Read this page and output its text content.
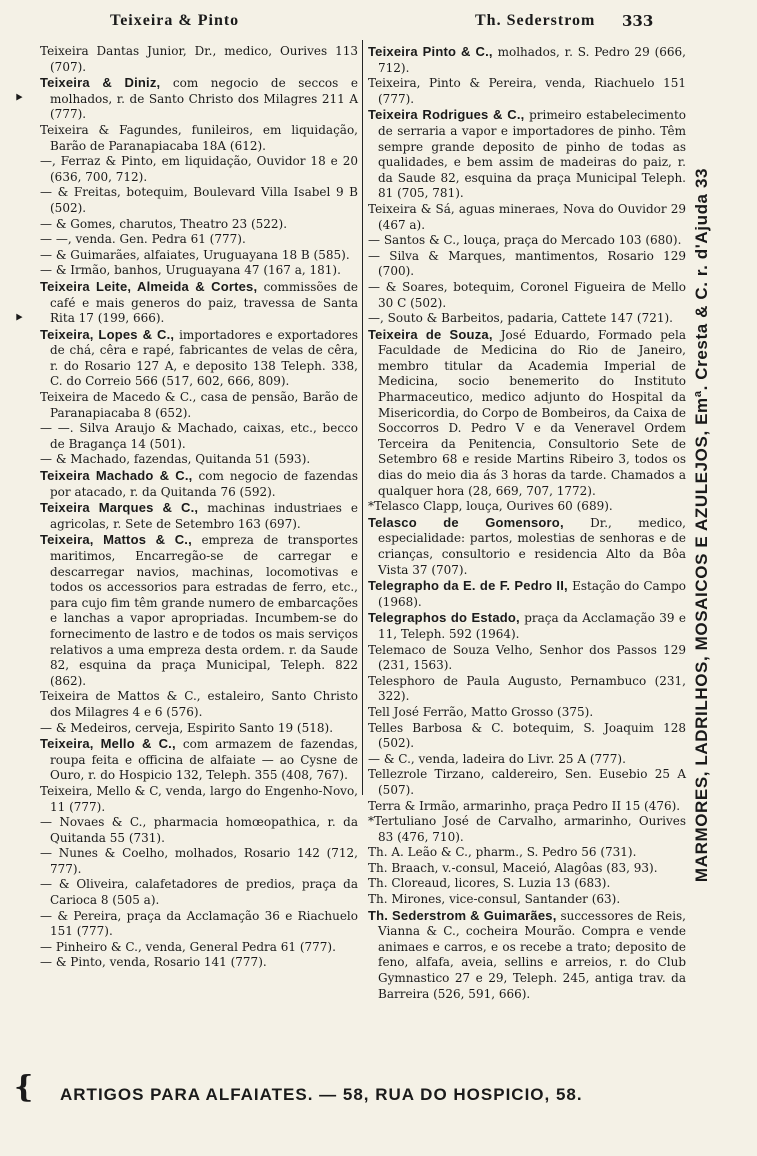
Teixeira & Pinto	Th. Sederstrom 333
‣
‣
{

Teixeira Dantas Junior, Dr., medico, Ourives 113 (707).

Teixeira & Diniz, com negocio de seccos e molhados, r. de Santo Christo dos Milagres 211 A (777).

Teixeira & Fagundes, funileiros, em liquidação, Barão de Paranapiacaba 18A (612).

—, Ferraz & Pinto, em liquidação, Ouvidor 18 e 20 (636, 700, 712).

— & Freitas, botequim, Boulevard Villa Isabel 9 B (502).

— & Gomes, charutos, Theatro 23 (522).

— —, venda. Gen. Pedra 61 (777).

— & Guimarães, alfaiates, Uruguayana 18 B (585).

— & Irmão, banhos, Uruguayana 47 (167 a, 181).

Teixeira Leite, Almeida & Cortes, commissões de café e mais generos do paiz, travessa de Santa Rita 17 (199, 666).

Teixeira, Lopes & C., importadores e exportadores de chá, cêra e rapé, fabricantes de velas de cêra, r. do Rosario 127 A, e deposito 138 Teleph. 338, C. do Correio 566 (517, 602, 666, 809).

Teixeira de Macedo & C., casa de pensão, Barão de Paranapiacaba 8 (652).

— —. Silva Araujo & Machado, caixas, etc., becco de Bragança 14 (501).

— & Machado, fazendas, Quitanda 51 (593).

Teixeira Machado & C., com negocio de fazendas por atacado, r. da Quitanda 76 (592).

Teixeira Marques & C., machinas industriaes e agricolas, r. Sete de Setembro 163 (697).

Teixeira, Mattos & C., empreza de transportes maritimos, Encarregão-se de carregar e descarregar navios, machinas, locomotivas e todos os accessorios para estradas de ferro, etc., para cujo fim têm grande numero de embarcações e lanchas a vapor apropriadas. Incumbem-se do fornecimento de lastro e de todos os mais serviços relativos a uma empreza desta ordem. r. da Saude 82, esquina da praça Municipal, Teleph. 822 (862).

Teixeira de Mattos & C., estaleiro, Santo Christo dos Milagres 4 e 6 (576).

— & Medeiros, cerveja, Espirito Santo 19 (518).

Teixeira, Mello & C., com armazem de fazendas, roupa feita e officina de alfaiate — ao Cysne de Ouro, r. do Hospicio 132, Teleph. 355 (408, 767).

Teixeira, Mello & C, venda, largo do Engenho-Novo, 11 (777).

— Novaes & C., pharmacia homœopathica, r. da Quitanda 55 (731).

— Nunes & Coelho, molhados, Rosario 142 (712, 777).

— & Oliveira, calafetadores de predios, praça da Carioca 8 (505 a).

— & Pereira, praça da Acclamação 36 e Riachuelo 151 (777).

— Pinheiro & C., venda, General Pedra 61 (777).

— & Pinto, venda, Rosario 141 (777).

Teixeira Pinto & C., molhados, r. S. Pedro 29 (666, 712).

Teixeira, Pinto & Pereira, venda, Riachuelo 151 (777).

Teixeira Rodrigues & C., primeiro estabelecimento de serraria a vapor e importadores de pinho. Têm sempre grande deposito de pinho de todas as qualidades, e bem assim de madeiras do paiz, r. da Saude 82, esquina da praça Municipal Teleph. 81 (705, 781).

Teixeira & Sá, aguas mineraes, Nova do Ouvidor 29 (467 a).

— Santos & C., louça, praça do Mercado 103 (680).

— Silva & Marques, mantimentos, Rosario 129 (700).

— & Soares, botequim, Coronel Figueira de Mello 30 C (502).

—, Souto & Barbeitos, padaria, Cattete 147 (721).

Teixeira de Souza, José Eduardo, Formado pela Faculdade de Medicina do Rio de Janeiro, membro titular da Academia Imperial de Medicina, socio benemerito do Instituto Pharmaceutico, medico adjunto do Hospital da Misericordia, do Corpo de Bombeiros, da Caixa de Soccorros D. Pedro V e da Veneravel Ordem Terceira da Penitencia, Consultorio Sete de Setembro 68 e reside Martins Ribeiro 3, todos os dias do meio dia ás 3 horas da tarde. Chamados a qualquer hora (28, 669, 707, 1772).

*Telasco Clapp, louça, Ourives 60 (689).

Telasco de Gomensoro, Dr., medico, especialidade: partos, molestias de senhoras e de crianças, consultorio e residencia Alto da Bôa Vista 37 (707).

Telegrapho da E. de F. Pedro II, Estação do Campo (1968).

Telegraphos do Estado, praça da Acclamação 39 e 11, Teleph. 592 (1964).

Telemaco de Souza Velho, Senhor dos Passos 129 (231, 1563).

Telesphoro de Paula Augusto, Pernambuco (231, 322).

Tell José Ferrão, Matto Grosso (375).

Telles Barbosa & C. botequim, S. Joaquim 128 (502).

— & C., venda, ladeira do Livr. 25 A (777).

Tellezrole Tirzano, caldereiro, Sen. Eusebio 25 A (507).

Terra & Irmão, armarinho, praça Pedro II 15 (476).

*Tertuliano José de Carvalho, armarinho, Ourives 83 (476, 710).

Th. A. Leão & C., pharm., S. Pedro 56 (731).

Th. Braach, v.-consul, Maceió, Alagôas (83, 93).

Th. Cloreaud, licores, S. Luzia 13 (683).

Th. Mirones, vice-consul, Santander (63).

Th. Sederstrom & Guimarães, successores de Reis, Vianna & C., cocheira Mourão. Compra e vende animaes e carros, e os recebe a trato; deposito de feno, alfafa, aveia, sellins e arreios, r. do Club Gymnastico 27 e 29, Teleph. 245, antiga trav. da Barreira (526, 591, 666).

MARMORES, LADRILHOS, MOSAICOS E AZULEJOS, Emª. Cresta & C. r. d'Ajuda 33
ARTIGOS PARA ALFAIATES. — 58, RUA DO HOSPICIO, 58.
